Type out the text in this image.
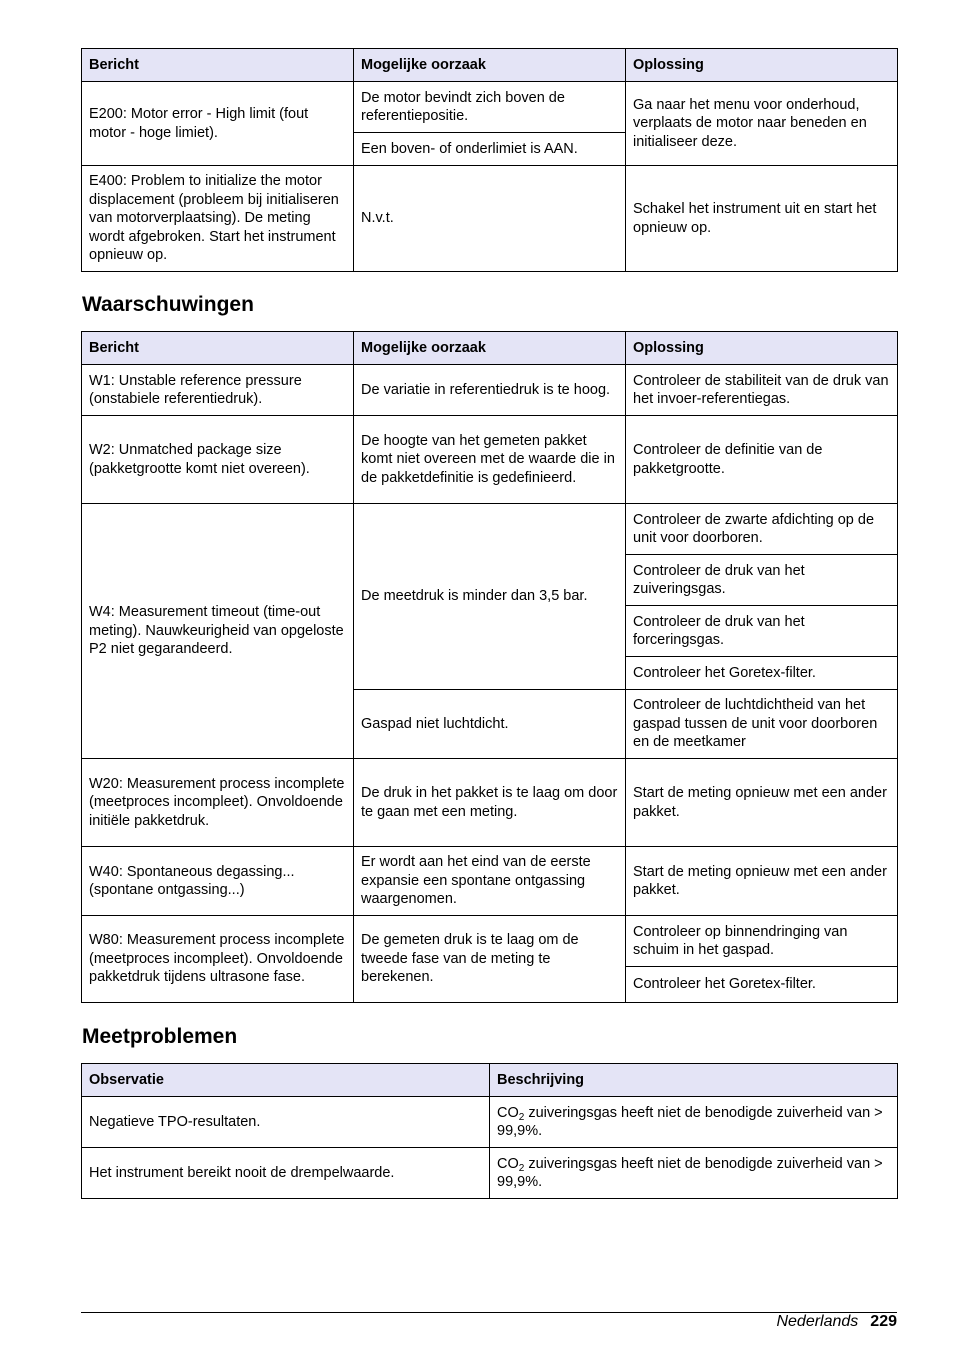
Bericht	Mogelijke oorzaak	Oplossing
E200: Motor error - High limit (fout motor - hoge limiet).	De motor bevindt zich boven de referentiepositie.	Ga naar het menu voor onderhoud, verplaats de motor naar beneden en initialiseer deze.
	Een boven- of onderlimiet is AAN.	
E400: Problem to initialize the motor displacement (probleem bij initialiseren van motorverplaatsing). De meting wordt afgebroken. Start het instrument opnieuw op.	N.v.t.	Schakel het instrument uit en start het opnieuw op.
Waarschuwingen
Bericht	Mogelijke oorzaak	Oplossing
W1: Unstable reference pressure (onstabiele referentiedruk).	De variatie in referentiedruk is te hoog.	Controleer de stabiliteit van de druk van het invoer-referentiegas.
W2: Unmatched package size (pakketgrootte komt niet overeen).	De hoogte van het gemeten pakket komt niet overeen met de waarde die in de pakketdefinitie is gedefinieerd.	Controleer de definitie van de pakketgrootte.
W4: Measurement timeout (time-out meting). Nauwkeurigheid van opgeloste P2 niet gegarandeerd.	De meetdruk is minder dan 3,5 bar.	Controleer de zwarte afdichting op de unit voor doorboren.
		Controleer de druk van het zuiveringsgas.
		Controleer de druk van het forceringsgas.
		Controleer het Goretex-filter.
	Gaspad niet luchtdicht.	Controleer de luchtdichtheid van het gaspad tussen de unit voor doorboren en de meetkamer
W20: Measurement process incomplete (meetproces incompleet). Onvoldoende initiële pakketdruk.	De druk in het pakket is te laag om door te gaan met een meting.	Start de meting opnieuw met een ander pakket.
W40: Spontaneous degassing... (spontane ontgassing...)	Er wordt aan het eind van de eerste expansie een spontane ontgassing waargenomen.	Start de meting opnieuw met een ander pakket.
W80: Measurement process incomplete (meetproces incompleet). Onvoldoende pakketdruk tijdens ultrasone fase.	De gemeten druk is te laag om de tweede fase van de meting te berekenen.	Controleer op binnendringing van schuim in het gaspad.
		Controleer het Goretex-filter.
Meetproblemen
Observatie	Beschrijving
Negatieve TPO-resultaten.	$CO_2$ zuiveringsgas heeft niet de benodigde zuiverheid van > 99,9%.
Het instrument bereikt nooit de drempelwaarde.	$CO_2$ zuiveringsgas heeft niet de benodigde zuiverheid van > 99,9%.
Nederlands 229
